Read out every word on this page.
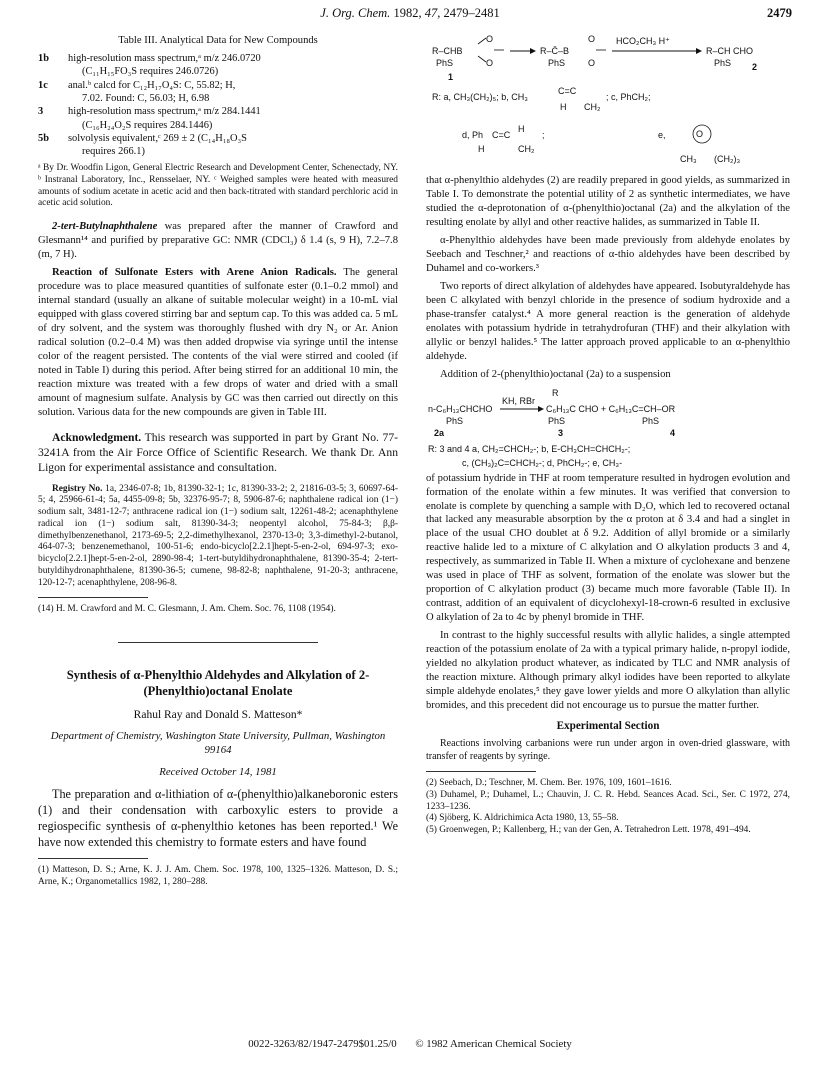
J. Org. Chem. 1982, 47, 2479–2481	2479
Table III. Analytical Data for New Compounds
1b	high-resolution mass spectrum,ᵃ m/z 246.0720
(C₁₁H₁₅FO₃S requires 246.0726)
1c	anal.ᵇ calcd for C₁₂H₁₇O₄S: C, 55.82; H,
7.02. Found: C, 56.03; H, 6.98
3	high-resolution mass spectrum,ᵃ m/z 284.1441
(C₁₆H₂₄O₂S requires 284.1446)
5b	solvolysis equivalent,ᶜ 269 ± 2 (C₁₄H₁₈O₃S
requires 266.1)
ᵃ By Dr. Woodfin Ligon, General Electric Research and Development Center, Schenectady, NY. ᵇ Instranal Laboratory, Inc., Rensselaer, NY. ᶜ Weighed samples were heated with measured amounts of sodium acetate in acetic acid and then back-titrated with standard perchloric acid in acetic acid solution.

2-tert-Butylnaphthalene was prepared after the manner of Crawford and Glesmann¹⁴ and purified by preparative GC: NMR (CDCl₃) δ 1.4 (s, 9 H), 7.2–7.8 (m, 7 H).

Reaction of Sulfonate Esters with Arene Anion Radicals. The general procedure was to place measured quantities of sulfonate ester (0.1–0.2 mmol) and internal standard (usually an alkane of suitable molecular weight) in a 10-mL vial equipped with glass covered stirring bar and septum cap. To this was added ca. 5 mL of dry solvent, and the system was thoroughly flushed with dry N₂ or Ar. Anion radical solution (0.2–0.4 M) was then added dropwise via syringe until the intense color of the reagent persisted. The contents of the vial were stirred and cooled (if noted in Table I) during this period. After being stirred for an additional 10 min, the reaction mixture was treated with a few drops of water and dried with a small amount of magnesium sulfate. Analysis by GC was then carried out directly on this solution. Various data for the new compounds are given in Table III.

Acknowledgment. This research was supported in part by Grant No. 77-3241A from the Air Force Office of Scientific Research. We thank Dr. Ann Ligon for experimental assistance and consultation.

Registry No. 1a, 2346-07-8; 1b, 81390-32-1; 1c, 81390-33-2; 2, 21816-03-5; 3, 60697-64-5; 4, 25966-61-4; 5a, 4455-09-8; 5b, 32376-95-7; 8, 5906-87-6; naphthalene radical ion (1−) sodium salt, 3481-12-7; anthracene radical ion (1−) sodium salt, 12261-48-2; acenaphthylene radical ion (1−) sodium salt, 81390-34-3; neopentyl alcohol, 75-84-3; β,β-dimethylbenzenethanol, 2173-69-5; 2,2-dimethylhexanol, 2370-13-0; 3,3-dimethyl-2-butanol, 464-07-3; benzenemethanol, 100-51-6; endo-bicyclo[2.2.1]hept-5-en-2-ol, 694-97-3; exo-bicyclo[2.2.1]hept-5-en-2-ol, 2890-98-4; 1-tert-butyldihydronaphthalene, 81390-35-4; 2-tert-butyldihydronaphthalene, 81390-36-5; cumene, 98-82-8; naphthalene, 91-20-3; anthracene, 120-12-7; acenaphthylene, 208-96-8.

(14) H. M. Crawford and M. C. Glesmann, J. Am. Chem. Soc. 76, 1108 (1954).
Synthesis of α-Phenylthio Aldehydes and Alkylation of 2-(Phenylthio)octanal Enolate
Rahul Ray and Donald S. Matteson*
Department of Chemistry, Washington State University, Pullman, Washington 99164
Received October 14, 1981
The preparation and α-lithiation of α-(phenylthio)alkaneboronic esters (1) and their condensation with carboxylic esters to provide a regiospecific synthesis of α-phenylthio ketones has been reported.¹ We have now extended this chemistry to formate esters and have found
(1) Matteson, D. S.; Arne, K. J. J. Am. Chem. Soc. 1978, 100, 1325–1326. Matteson, D. S.; Arne, K.; Organometallics 1982, 1, 280–288.
R–CHB
PhS
O
O
1
R–C̄–B
PhS
O
O
HCO₂CH₃ H⁺
R–CH CHO
PhS 2
R: a, CH₃(CH₂)₅; b, CH₃
C=C
H CH₂
; c, PhCH₂;
d, Ph C=C
H
H	CH₂
;	e,	O
CH₃ (CH₂)₃

that α-phenylthio aldehydes (2) are readily prepared in good yields, as summarized in Table I. To demonstrate the potential utility of 2 as synthetic intermediates, we have studied the α-deprotonation of α-(phenylthio)octanal (2a) and the alkylation of the resulting enolate by allyl and other reactive halides, as summarized in Table II.

α-Phenylthio aldehydes have been made previously from aldehyde enolates by Seebach and Teschner,² and reactions of α-thio aldehydes have been described by Duhamel and co-workers.³

Two reports of direct alkylation of aldehydes have appeared. Isobutyraldehyde has been C alkylated with benzyl chloride in the presence of sodium hydroxide and a phase-transfer catalyst.⁴ A more general reaction is the generation of aldehyde enolates with potassium hydride in tetrahydrofuran (THF) and their alkylation with allylic or benzyl halides.⁵ The latter approach proved applicable to an α-phenylthio aldehyde.

Addition of 2-(phenylthio)octanal (2a) to a suspension

R
n-C₆H₁₃CHCHO
PhS
2a
KH, RBr
C₆H₁₃C CHO + C₆H₁₃C=CH–OR
PhS	PhS
3	4
R: 3 and 4 a, CH₂=CHCH₂-; b, E-CH₃CH=CHCH₂-;
c, (CH₃)₂C=CHCH₂-; d, PhCH₂-; e, CH₃-

of potassium hydride in THF at room temperature resulted in hydrogen evolution and formation of the enolate within a few minutes. It was verified that conversion to enolate is complete by quenching a sample with D₂O, which led to recovered octanal that lacked any measurable absorption by the α proton at δ 3.4 and had a singlet in place of the usual CHO doublet at δ 9.2. Addition of allyl bromide or a similarly reactive halide led to a mixture of C alkylation and O alkylation products 3 and 4, respectively, as summarized in Table II. When a mixture of cyclohexane and benzene was used in place of THF as solvent, formation of the enolate was slower but the proportion of C alkylation product (3) became much more favorable (Table II). In contrast, addition of an equivalent of dicyclohexyl-18-crown-6 resulted in exclusive O alkylation of 2a to 4c by phenyl bromide in THF.

In contrast to the highly successful results with allylic halides, a single attempted reaction of the potassium enolate of 2a with a typical primary halide, n-propyl iodide, yielded no alkylation product whatever, as indicated by TLC and NMR analysis of the reaction mixture. Although primary alkyl iodides have been reported to alkylate simple aldehyde enolates,⁵ they gave lower yields and more O alkylation than allylic bromides, and this precedent did not encourage us to pursue the matter further.

Experimental Section

Reactions involving carbanions were run under argon in oven-dried glassware, with transfer of reagents by syringe.

(2) Seebach, D.; Teschner, M. Chem. Ber. 1976, 109, 1601–1616.
(3) Duhamel, P.; Duhamel, L.; Chauvin, J. C. R. Hebd. Seances Acad. Sci., Ser. C 1972, 274, 1233–1236.
(4) Sjöberg, K. Aldrichimica Acta 1980, 13, 55–58.
(5) Groenwegen, P.; Kallenberg, H.; van der Gen, A. Tetrahedron Lett. 1978, 491–494.
0022-3263/82/1947-2479$01.25/0 © 1982 American Chemical Society
